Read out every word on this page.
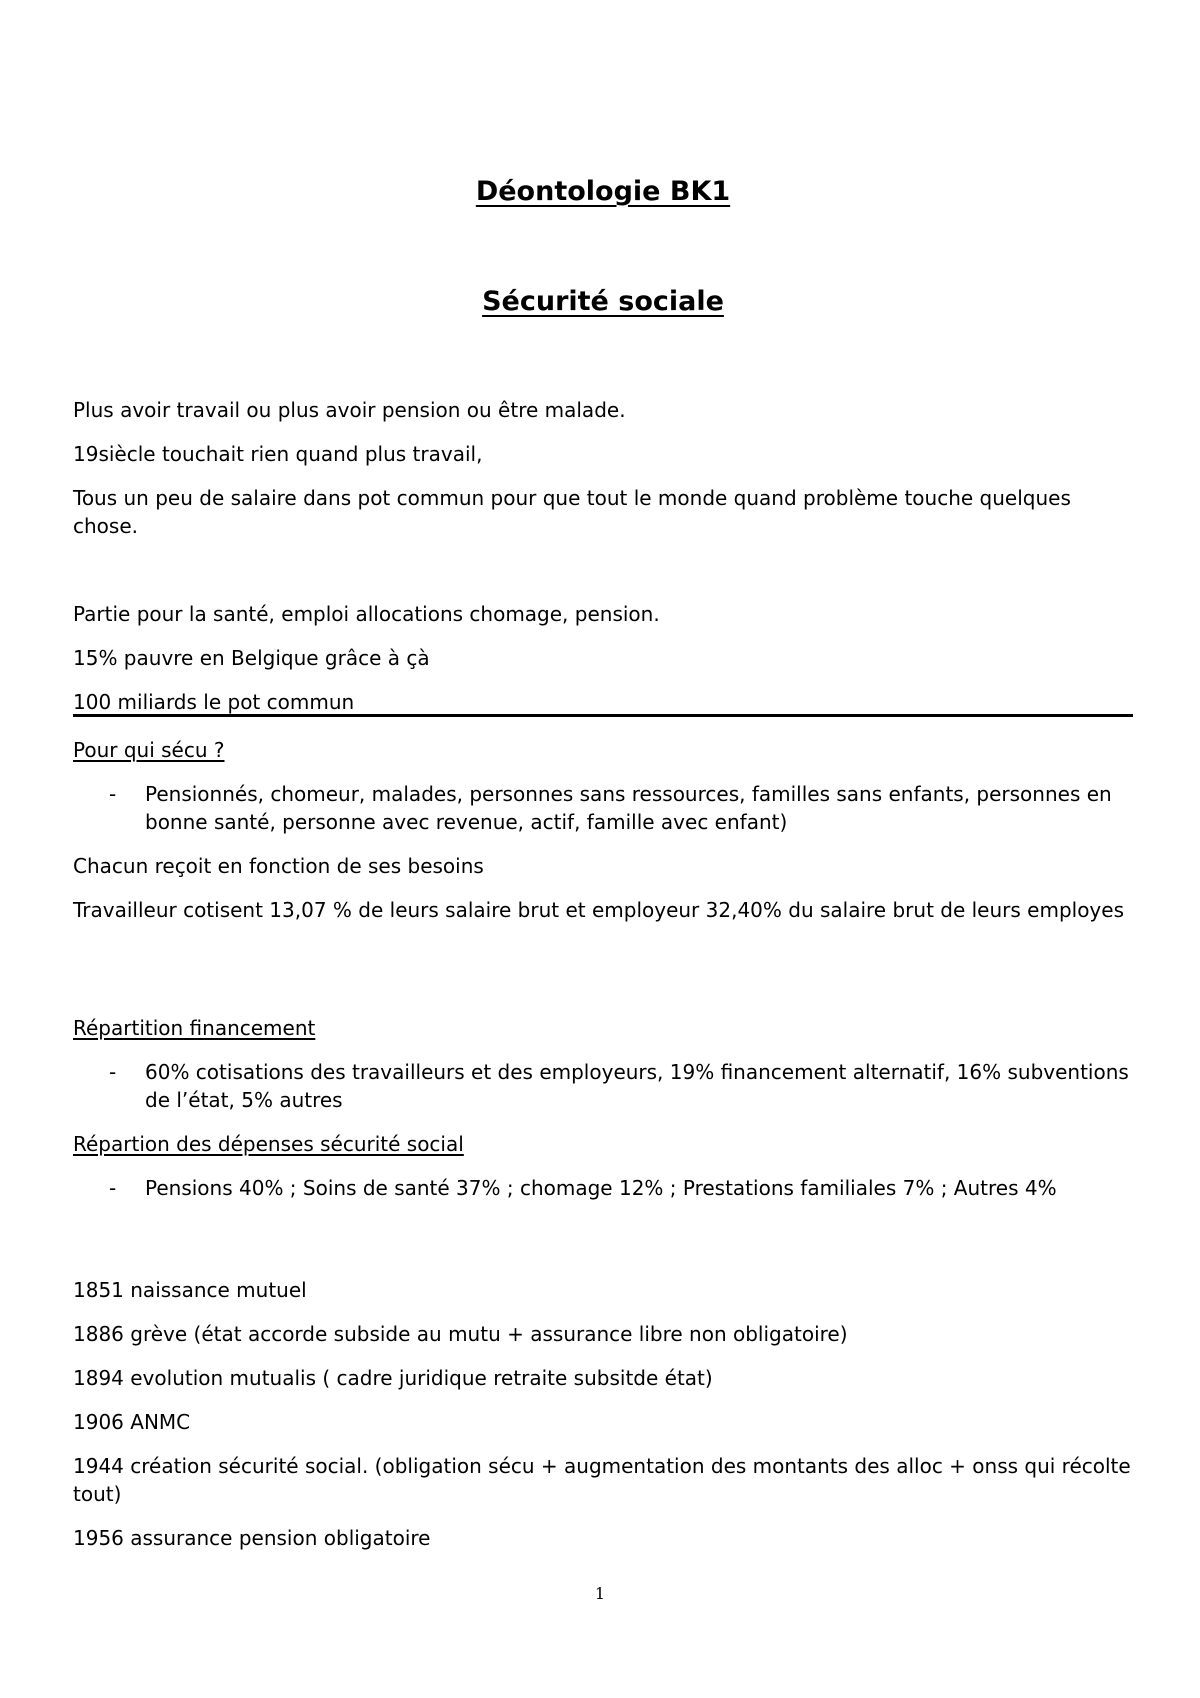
Déontologie BK1
Sécurité sociale

Plus avoir travail ou plus avoir pension ou être malade.

19siècle touchait rien quand plus travail,

Tous un peu de salaire dans pot commun pour que tout le monde quand problème touche quelques chose.

Partie pour la santé, emploi allocations chomage, pension.

15% pauvre en Belgique grâce à çà

100 miliards le pot commun

Pour qui sécu ?

- Pensionnés, chomeur, malades, personnes sans ressources, familles sans enfants, personnes en bonne santé, personne avec revenue, actif, famille avec enfant)

Chacun reçoit en fonction de ses besoins

Travailleur cotisent 13,07 % de leurs salaire brut et employeur 32,40% du salaire brut de leurs employes

Répartition financement

- 60% cotisations des travailleurs et des employeurs, 19% financement alternatif, 16% subventions de l’état, 5% autres

Répartion des dépenses sécurité social

- Pensions 40% ; Soins de santé 37% ; chomage 12% ; Prestations familiales 7% ; Autres 4%

1851 naissance mutuel

1886 grève (état accorde subside au mutu + assurance libre non obligatoire)

1894 evolution mutualis ( cadre juridique retraite subsitde état)

1906 ANMC

1944 création sécurité social. (obligation sécu + augmentation des montants des alloc + onss qui récolte tout)

1956 assurance pension obligatoire

1
